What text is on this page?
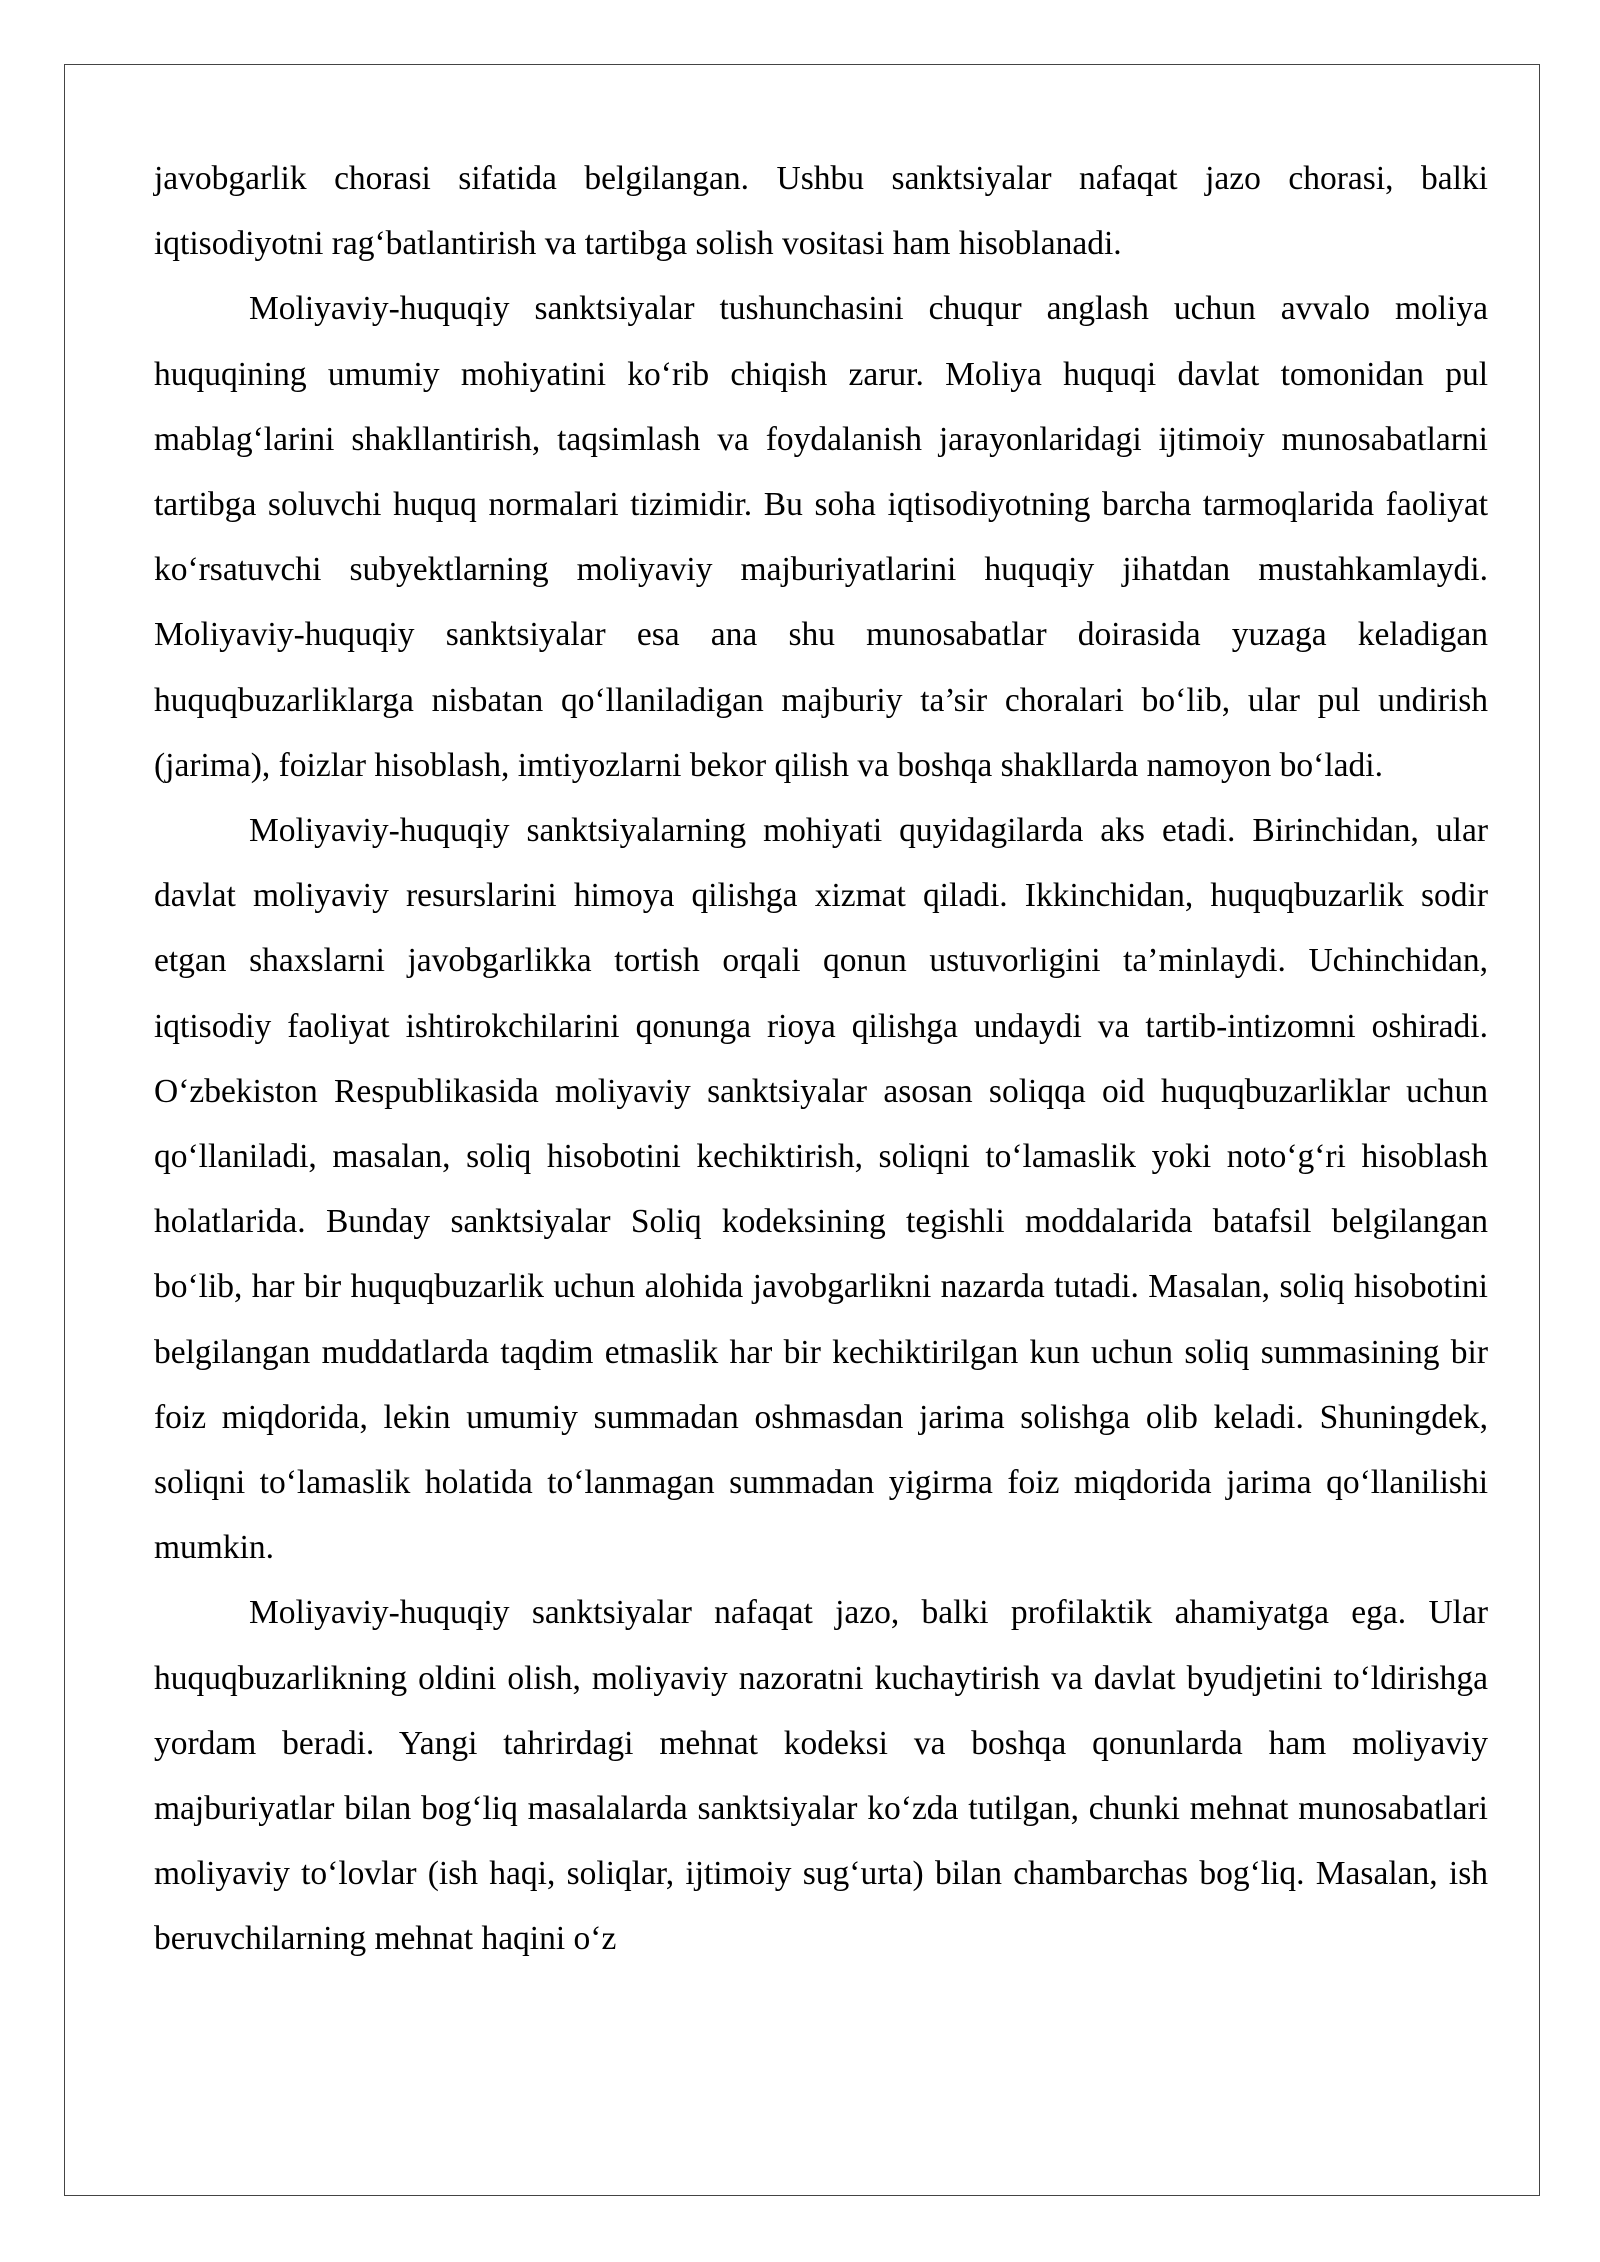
javobgarlik chorasi sifatida belgilangan. Ushbu sanktsiyalar nafaqat jazo chorasi, balki iqtisodiyotni rag‘batlantirish va tartibga solish vositasi ham hisoblanadi.

Moliyaviy-huquqiy sanktsiyalar tushunchasini chuqur anglash uchun avvalo moliya huquqining umumiy mohiyatini ko‘rib chiqish zarur. Moliya huquqi davlat tomonidan pul mablag‘larini shakllantirish, taqsimlash va foydalanish jarayonlaridagi ijtimoiy munosabatlarni tartibga soluvchi huquq normalari tizimidir. Bu soha iqtisodiyotning barcha tarmoqlarida faoliyat ko‘rsatuvchi subyektlarning moliyaviy majburiyatlarini huquqiy jihatdan mustahkamlaydi. Moliyaviy-huquqiy sanktsiyalar esa ana shu munosabatlar doirasida yuzaga keladigan huquqbuzarliklarga nisbatan qo‘llaniladigan majburiy ta’sir choralari bo‘lib, ular pul undirish (jarima), foizlar hisoblash, imtiyozlarni bekor qilish va boshqa shakllarda namoyon bo‘ladi.

Moliyaviy-huquqiy sanktsiyalarning mohiyati quyidagilarda aks etadi. Birinchidan, ular davlat moliyaviy resurslarini himoya qilishga xizmat qiladi. Ikkinchidan, huquqbuzarlik sodir etgan shaxslarni javobgarlikka tortish orqali qonun ustuvorligini ta’minlaydi. Uchinchidan, iqtisodiy faoliyat ishtirokchilarini qonunga rioya qilishga undaydi va tartib-intizomni oshiradi. O‘zbekiston Respublikasida moliyaviy sanktsiyalar asosan soliqqa oid huquqbuzarliklar uchun qo‘llaniladi, masalan, soliq hisobotini kechiktirish, soliqni to‘lamaslik yoki noto‘g‘ri hisoblash holatlarida. Bunday sanktsiyalar Soliq kodeksining tegishli moddalarida batafsil belgilangan bo‘lib, har bir huquqbuzarlik uchun alohida javobgarlikni nazarda tutadi. Masalan, soliq hisobotini belgilangan muddatlarda taqdim etmaslik har bir kechiktirilgan kun uchun soliq summasining bir foiz miqdorida, lekin umumiy summadan oshmasdan jarima solishga olib keladi. Shuningdek, soliqni to‘lamaslik holatida to‘lanmagan summadan yigirma foiz miqdorida jarima qo‘llanilishi mumkin.

Moliyaviy-huquqiy sanktsiyalar nafaqat jazo, balki profilaktik ahamiyatga ega. Ular huquqbuzarlikning oldini olish, moliyaviy nazoratni kuchaytirish va davlat byudjetini to‘ldirishga yordam beradi. Yangi tahrirdagi mehnat kodeksi va boshqa qonunlarda ham moliyaviy majburiyatlar bilan bog‘liq masalalarda sanktsiyalar ko‘zda tutilgan, chunki mehnat munosabatlari moliyaviy to‘lovlar (ish haqi, soliqlar, ijtimoiy sug‘urta) bilan chambarchas bog‘liq. Masalan, ish beruvchilarning mehnat haqini o‘z
